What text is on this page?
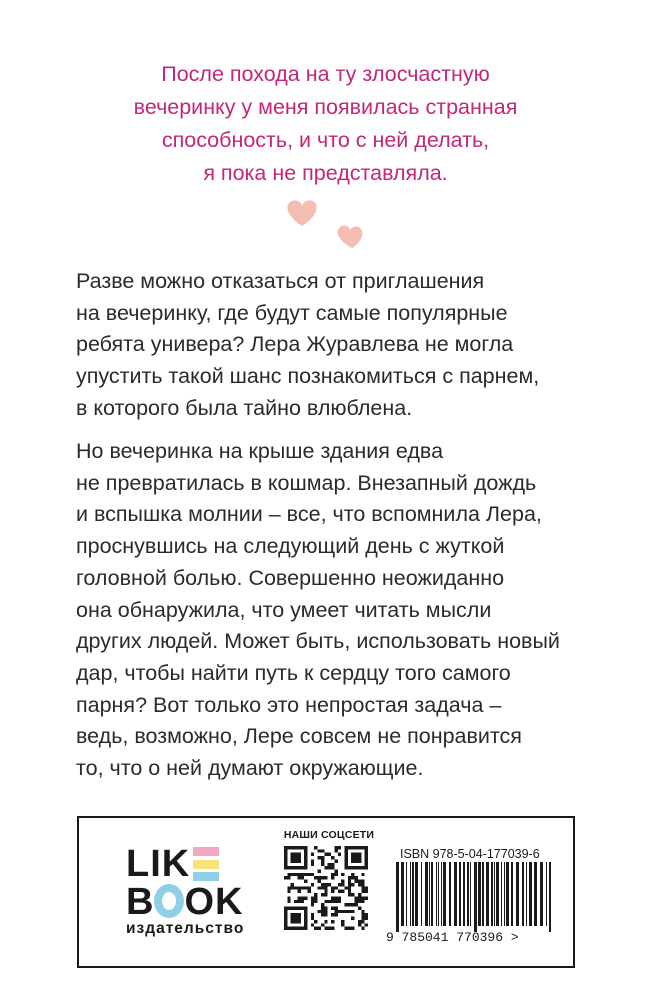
После похода на ту злосчастную
вечеринку у меня появилась странная
способность, и что с ней делать,
я пока не представляла.
Разве можно отказаться от приглашения
на вечеринку, где будут самые популярные
ребята универа? Лера Журавлева не могла
упустить такой шанс познакомиться с парнем,
в которого была тайно влюблена.
Но вечеринка на крыше здания едва
не превратилась в кошмар. Внезапный дождь
и вспышка молнии – все, что вспомнила Лера,
проснувшись на следующий день с жуткой
головной болью. Совершенно неожиданно
она обнаружила, что умеет читать мысли
других людей. Может быть, использовать новый
дар, чтобы найти путь к сердцу того самого
парня? Вот только это непростая задача –
ведь, возможно, Лере совсем не понравится
то, что о ней думают окружающие.
LIK
B OK
издательство
НАШИ СОЦСЕТИ
ISBN 978-5-04-177039-6
9 785041 770396 >
